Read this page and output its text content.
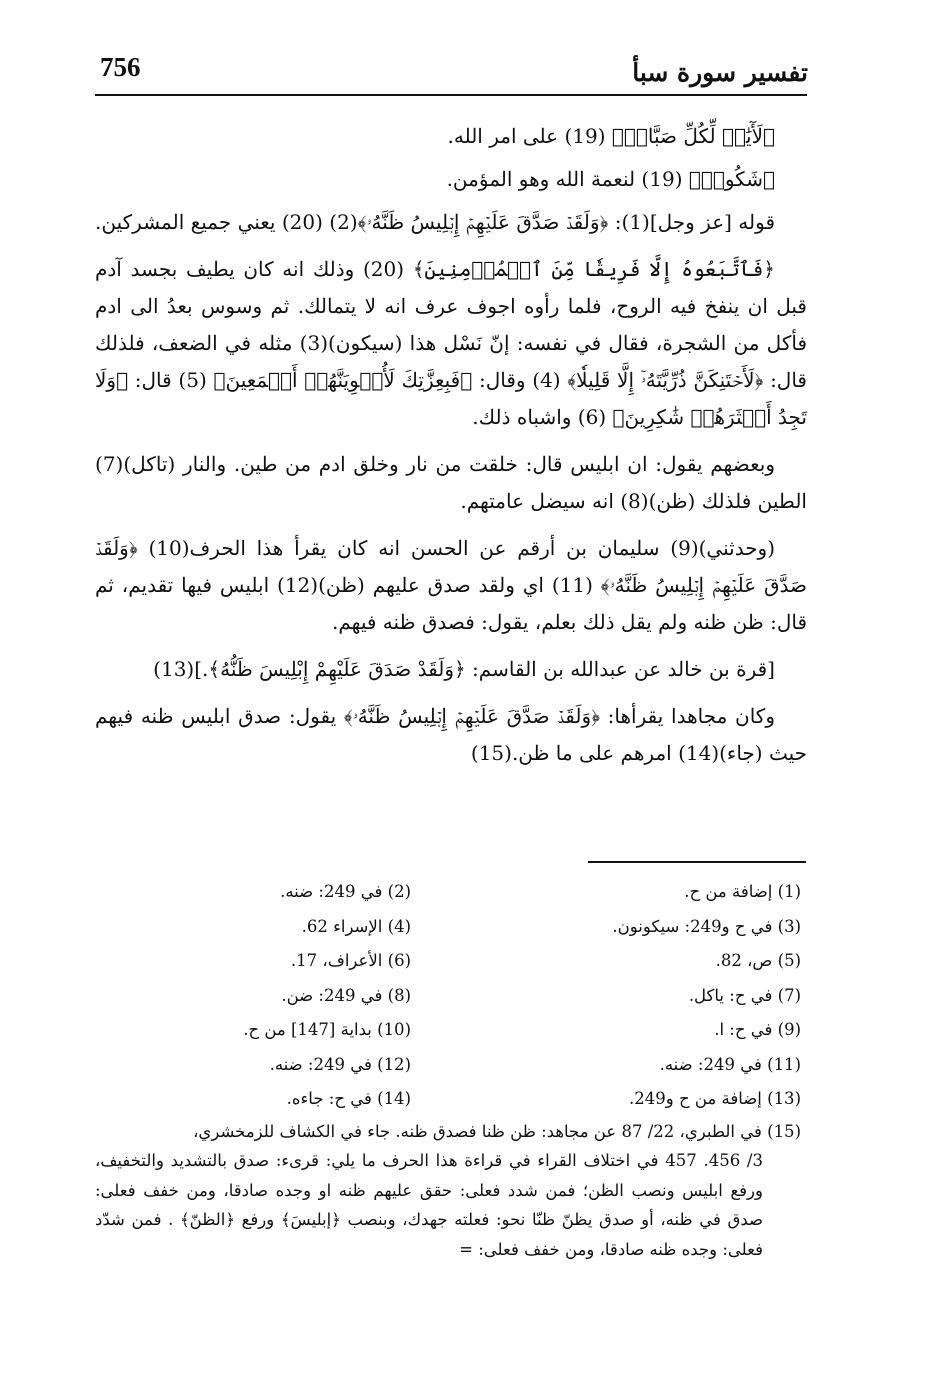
756	تفسير سورة سبأ

﴿لَأٓيَٰتٖ لِّكُلِّ صَبَّارٖ﴾ (19) على امر الله.

﴿شَكُورٖ﴾ (19) لنعمة الله وهو المؤمن.

قوله [عز وجل](1): ﴿وَلَقَدۡ صَدَّقَ عَلَيۡهِمۡ إِبۡلِيسُ ظَنَّهُۥ﴾(2) (20) يعني جميع المشركين.

﴿فَٱتَّبَعُوهُ إِلَّا فَرِيقٗا مِّنَ ٱلۡمُؤۡمِنِينَ﴾ (20) وذلك انه كان يطيف بجسد آدم قبل ان ينفخ فيه الروح، فلما رأوه اجوف عرف انه لا يتمالك. ثم وسوس بعدُ الى ادم فأكل من الشجرة، فقال في نفسه: إنّ نَسْل هذا (سيكون)(3) مثله في الضعف، فلذلك قال: ﴿لَأَحۡتَنِكَنَّ ذُرِّيَّتَهُۥٓ إِلَّا قَلِيلٗا﴾ (4) وقال: ﴿فَبِعِزَّتِكَ لَأُغۡوِيَنَّهُمۡ أَجۡمَعِينَ﴾ (5) قال: ﴿وَلَا تَجِدُ أَكۡثَرَهُمۡ شَٰكِرِينَ﴾ (6) واشباه ذلك.

وبعضهم يقول: ان ابليس قال: خلقت من نار وخلق ادم من طين. والنار (تاكل)(7) الطين فلذلك (ظن)(8) انه سيضل عامتهم.

(وحدثني)(9) سليمان بن أرقم عن الحسن انه كان يقرأ هذا الحرف(10) ﴿وَلَقَدۡ صَدَّقَ عَلَيۡهِمۡ إِبۡلِيسُ ظَنَّهُۥ﴾ (11) اي ولقد صدق عليهم (ظن)(12) ابليس فيها تقديم، ثم قال: ظن ظنه ولم يقل ذلك بعلم، يقول: فصدق ظنه فيهم.

[قرة بن خالد عن عبدالله بن القاسم: ﴿وَلَقَدْ صَدَقَ عَلَيْهِمْ إِبْلِيسَ ظَنُّهُ﴾.](13)

وكان مجاهدا يقرأها: ﴿وَلَقَدۡ صَدَّقَ عَلَيۡهِمۡ إِبۡلِيسُ ظَنَّهُۥ﴾ يقول: صدق ابليس ظنه فيهم حيث (جاء)(14) امرهم على ما ظن.(15)

(1) إضافة من ح.
(2) في 249: ضنه.
(3) في ح و249: سيكونون.
(4) الإسراء 62.
(5) ص، 82.
(6) الأعراف، 17.
(7) في ح: ياكل.
(8) في 249: ضن.
(9) في ح: ا.
(10) بداية [147] من ح.
(11) في 249: ضنه.
(12) في 249: ضنه.
(13) إضافة من ح و249.
(14) في ح: جاءه.
(15) في الطبري، 22/ 87 عن مجاهد: ظن ظنا فصدق ظنه. جاء في الكشاف للزمخشري،
3/ 456. 457 في اختلاف القراء في قراءة هذا الحرف ما يلي: قرىء: صدق بالتشديد والتخفيف، ورفع ابليس ونصب الظن؛ فمن شدد فعلى: حقق عليهم ظنه او وجده صادقا، ومن خفف فعلى: صدق في ظنه، أو صدق يظنّ ظنّا نحو: فعلته جهدك، وبنصب ﴿إبليسَ﴾ ورفع ﴿الظنّ﴾ . فمن شدّد فعلى: وجده ظنه صادقا، ومن خفف فعلى: =
